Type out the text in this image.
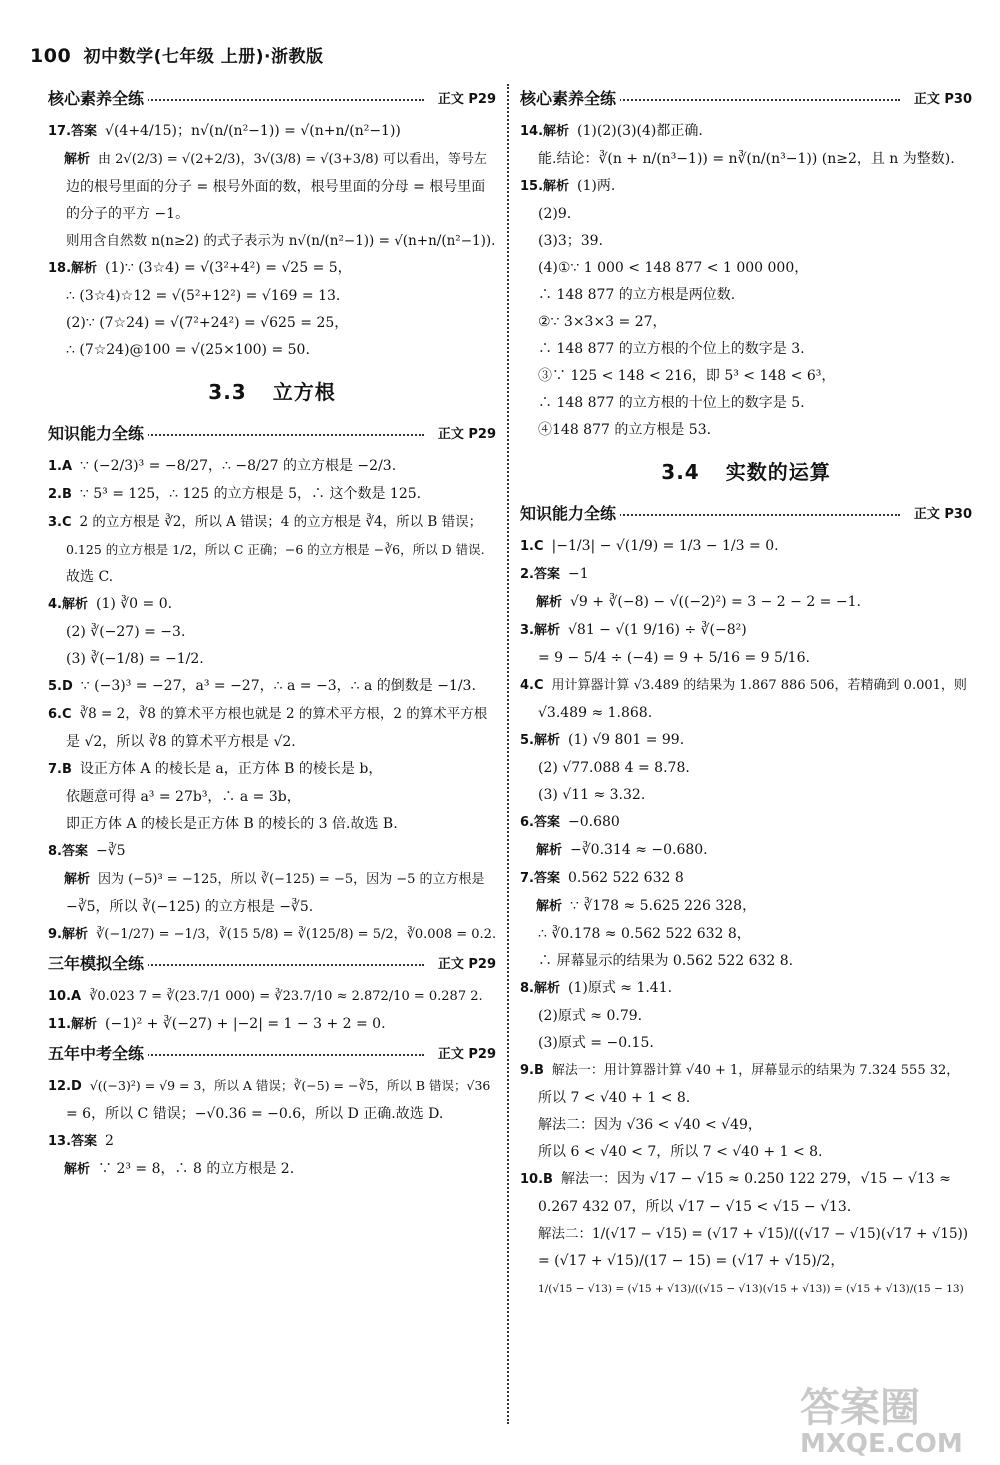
100 初中数学(七年级 上册)·浙教版
核心素养全练	正文 P29
17.答案 √(4+4/15)；n√(n/(n²−1)) = √(n+n/(n²−1))
解析 由 2√(2/3) = √(2+2/3)，3√(3/8) = √(3+3/8) 可以看出，等号左
边的根号里面的分子 = 根号外面的数，根号里面的分母 = 根号里面
的分子的平方 −1。
则用含自然数 n(n≥2) 的式子表示为 n√(n/(n²−1)) = √(n+n/(n²−1)).
18.解析 (1)∵ (3☆4) = √(3²+4²) = √25 = 5，
∴ (3☆4)☆12 = √(5²+12²) = √169 = 13.
(2)∵ (7☆24) = √(7²+24²) = √625 = 25，
∴ (7☆24)@100 = √(25×100) = 50.
3.3 立方根
知识能力全练	正文 P29
1.A ∵ (−2/3)³ = −8/27，∴ −8/27 的立方根是 −2/3.
2.B ∵ 5³ = 125，∴ 125 的立方根是 5，∴ 这个数是 125.
3.C 2 的立方根是 ∛2，所以 A 错误；4 的立方根是 ∛4，所以 B 错误；
0.125 的立方根是 1/2，所以 C 正确；−6 的立方根是 −∛6，所以 D 错误.
故选 C.
4.解析 (1) ∛0 = 0.
(2) ∛(−27) = −3.
(3) ∛(−1/8) = −1/2.
5.D ∵ (−3)³ = −27，a³ = −27，∴ a = −3，∴ a 的倒数是 −1/3.
6.C ∛8 = 2，∛8 的算术平方根也就是 2 的算术平方根，2 的算术平方根
是 √2，所以 ∛8 的算术平方根是 √2.
7.B 设正方体 A 的棱长是 a，正方体 B 的棱长是 b，
依题意可得 a³ = 27b³，∴ a = 3b，
即正方体 A 的棱长是正方体 B 的棱长的 3 倍.故选 B.
8.答案 −∛5
解析 因为 (−5)³ = −125，所以 ∛(−125) = −5，因为 −5 的立方根是
−∛5，所以 ∛(−125) 的立方根是 −∛5.
9.解析 ∛(−1/27) = −1/3，∛(15 5/8) = ∛(125/8) = 5/2，∛0.008 = 0.2.
三年模拟全练	正文 P29
10.A ∛0.023 7 = ∛(23.7/1 000) = ∛23.7/10 ≈ 2.872/10 = 0.287 2.
11.解析 (−1)² + ∛(−27) + |−2| = 1 − 3 + 2 = 0.
五年中考全练	正文 P29
12.D √((−3)²) = √9 = 3，所以 A 错误；∛(−5) = −∛5，所以 B 错误；√36
= 6，所以 C 错误；−√0.36 = −0.6，所以 D 正确.故选 D.
13.答案 2
解析 ∵ 2³ = 8，∴ 8 的立方根是 2.
核心素养全练	正文 P30
14.解析 (1)(2)(3)(4)都正确.
能.结论：∛(n + n/(n³−1)) = n∛(n/(n³−1)) (n≥2，且 n 为整数).
15.解析 (1)两.
(2)9.
(3)3；39.
(4)①∵ 1 000 < 148 877 < 1 000 000，
∴ 148 877 的立方根是两位数.
②∵ 3×3×3 = 27，
∴ 148 877 的立方根的个位上的数字是 3.
③∵ 125 < 148 < 216，即 5³ < 148 < 6³，
∴ 148 877 的立方根的十位上的数字是 5.
④148 877 的立方根是 53.
3.4 实数的运算
知识能力全练	正文 P30
1.C |−1/3| − √(1/9) = 1/3 − 1/3 = 0.
2.答案 −1
解析 √9 + ∛(−8) − √((−2)²) = 3 − 2 − 2 = −1.
3.解析 √81 − √(1 9/16) ÷ ∛(−8²)
= 9 − 5/4 ÷ (−4) = 9 + 5/16 = 9 5/16.
4.C 用计算器计算 √3.489 的结果为 1.867 886 506，若精确到 0.001，则
√3.489 ≈ 1.868.
5.解析 (1) √9 801 = 99.
(2) √77.088 4 = 8.78.
(3) √11 ≈ 3.32.
6.答案 −0.680
解析 −∛0.314 ≈ −0.680.
7.答案 0.562 522 632 8
解析 ∵ ∛178 ≈ 5.625 226 328，
∴ ∛0.178 ≈ 0.562 522 632 8，
∴ 屏幕显示的结果为 0.562 522 632 8.
8.解析 (1)原式 ≈ 1.41.
(2)原式 ≈ 0.79.
(3)原式 = −0.15.
9.B 解法一：用计算器计算 √40 + 1，屏幕显示的结果为 7.324 555 32，
所以 7 < √40 + 1 < 8.
解法二：因为 √36 < √40 < √49，
所以 6 < √40 < 7，所以 7 < √40 + 1 < 8.
10.B 解法一：因为 √17 − √15 ≈ 0.250 122 279，√15 − √13 ≈
0.267 432 07，所以 √17 − √15 < √15 − √13.
解法二：1/(√17 − √15) = (√17 + √15)/((√17 − √15)(√17 + √15))
= (√17 + √15)/(17 − 15) = (√17 + √15)/2，
1/(√15 − √13) = (√15 + √13)/((√15 − √13)(√15 + √13)) = (√15 + √13)/(15 − 13)
答案圈
MXQE.COM
